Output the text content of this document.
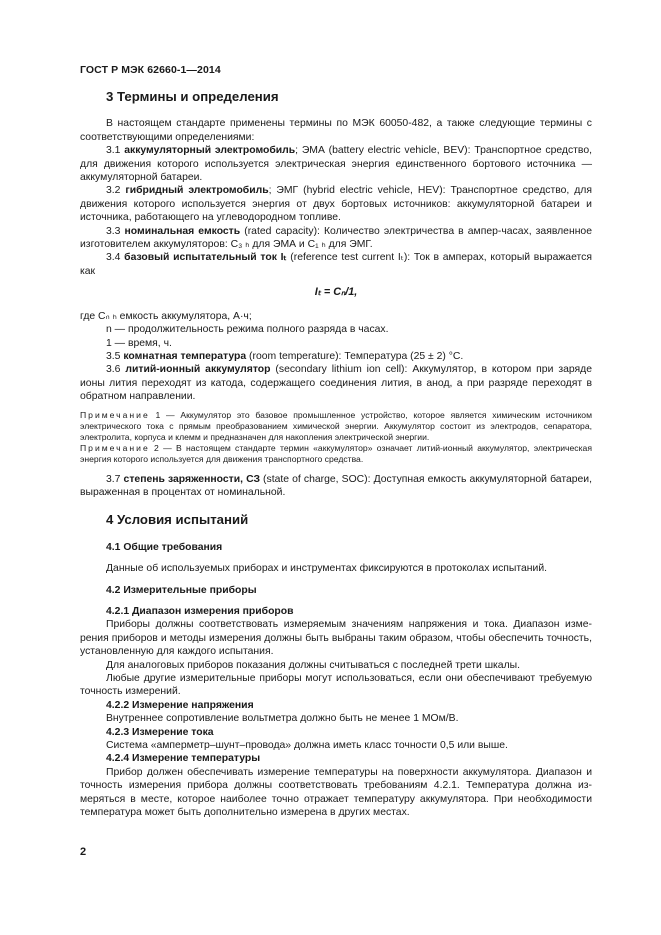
ГОСТ Р МЭК 62660-1—2014
3 Термины и определения

В настоящем стандарте применены термины по МЭК 60050-482, а также следующие термины с соответствующими определениями:

3.1 аккумуляторный электромобиль; ЭМА (battery electric vehicle, BEV): Транспортное средство, для движения которого используется электрическая энергия единственного бортового источника — аккумуляторной батареи.

3.2 гибридный электромобиль; ЭМГ (hybrid electric vehicle, HEV): Транспортное средство, для движения которого используется энергия от двух бортовых источников: аккумуляторной батареи и источника, работающего на углеводородном топливе.

3.3 номинальная емкость (rated capacity): Количество электричества в ампер-часах, заявленное изготовителем аккумуляторов: C₃ ₕ для ЭМА и C₁ ₕ для ЭМГ.

3.4 базовый испытательный ток Iₜ (reference test current Iₜ): Ток в амперах, который выражается как

Iₜ = Cₙ/1,

где Cₙ ₕ емкость аккумулятора, А·ч;

n — продолжительность режима полного разряда в часах.

1 — время, ч.

3.5 комнатная температура (room temperature): Температура (25 ± 2) °C.

3.6 литий-ионный аккумулятор (secondary lithium ion cell): Аккумулятор, в котором при заряде ионы лития переходят из катода, содержащего соединения лития, в анод, а при разряде переходят в обратном направлении.

Примечание 1 — Аккумулятор это базовое промышленное устройство, которое является химическим источником электрического тока с прямым преобразованием химической энергии. Аккумулятор состоит из электродов, сепаратора, электролита, корпуса и клемм и предназначен для накопления электрической энергии.

Примечание 2 — В настоящем стандарте термин «аккумулятор» означает литий-ионный аккумулятор, электрическая энергия которого используется для движения транспортного средства.

3.7 степень заряженности, СЗ (state of charge, SOC): Доступная емкость аккумуляторной батареи, выраженная в процентах от номинальной.

4 Условия испытаний
4.1 Общие требования

Данные об используемых приборах и инструментах фиксируются в протоколах испытаний.

4.2 Измерительные приборы
4.2.1 Диапазон измерения приборов

Приборы должны соответствовать измеряемым значениям напряжения и тока. Диапазон измерения приборов и методы измерения должны быть выбраны таким образом, чтобы обеспечить точность, установленную для каждого испытания.

Для аналоговых приборов показания должны считываться с последней трети шкалы.

Любые другие измерительные приборы могут использоваться, если они обеспечивают требуемую точность измерений.

4.2.2 Измерение напряжения

Внутреннее сопротивление вольтметра должно быть не менее 1 МОм/В.

4.2.3 Измерение тока

Система «амперметр–шунт–провода» должна иметь класс точности 0,5 или выше.

4.2.4 Измерение температуры

Прибор должен обеспечивать измерение температуры на поверхности аккумулятора. Диапазон и точность измерения прибора должны соответствовать требованиям 4.2.1. Температура должна измеряться в месте, которое наиболее точно отражает температуру аккумулятора. При необходимости температура может быть дополнительно измерена в других местах.

2
